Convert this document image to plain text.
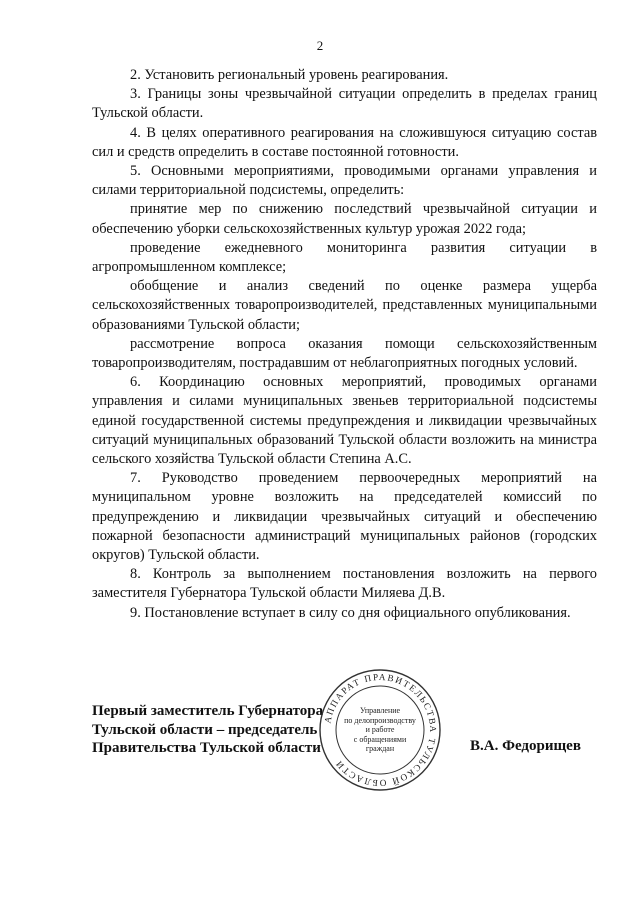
2

2. Установить региональный уровень реагирования.

3. Границы зоны чрезвычайной ситуации определить в пределах границ Тульской области.

4. В целях оперативного реагирования на сложившуюся ситуацию состав сил и средств определить в составе постоянной готовности.

5. Основными мероприятиями, проводимыми органами управления и силами территориальной подсистемы, определить:

принятие мер по снижению последствий чрезвычайной ситуации и обеспечению уборки сельскохозяйственных культур урожая 2022 года;

проведение ежедневного мониторинга развития ситуации в агропромышленном комплексе;

обобщение и анализ сведений по оценке размера ущерба сельскохозяйственных товаропроизводителей, представленных муниципальными образованиями Тульской области;

рассмотрение вопроса оказания помощи сельскохозяйственным товаропроизводителям, пострадавшим от неблагоприятных погодных условий.

6. Координацию основных мероприятий, проводимых органами управления и силами муниципальных звеньев территориальной подсистемы единой государственной системы предупреждения и ликвидации чрезвычайных ситуаций муниципальных образований Тульской области возложить на министра сельского хозяйства Тульской области Степина А.С.

7. Руководство проведением первоочередных мероприятий на муниципальном уровне возложить на председателей комиссий по предупреждению и ликвидации чрезвычайных ситуаций и обеспечению пожарной безопасности администраций муниципальных районов (городских округов) Тульской области.

8. Контроль за выполнением постановления возложить на первого заместителя Губернатора Тульской области Миляева Д.В.

9. Постановление вступает в силу со дня официального опубликования.

Первый заместитель Губернатора
Тульской области – председатель
Правительства Тульской области	В.А. Федорищев
АППАРАТ ПРАВИТЕЛЬСТВА ТУЛЬСКОЙ ОБЛАСТИ
Управление
по делопроизводству
и работе
с обращениями
граждан
